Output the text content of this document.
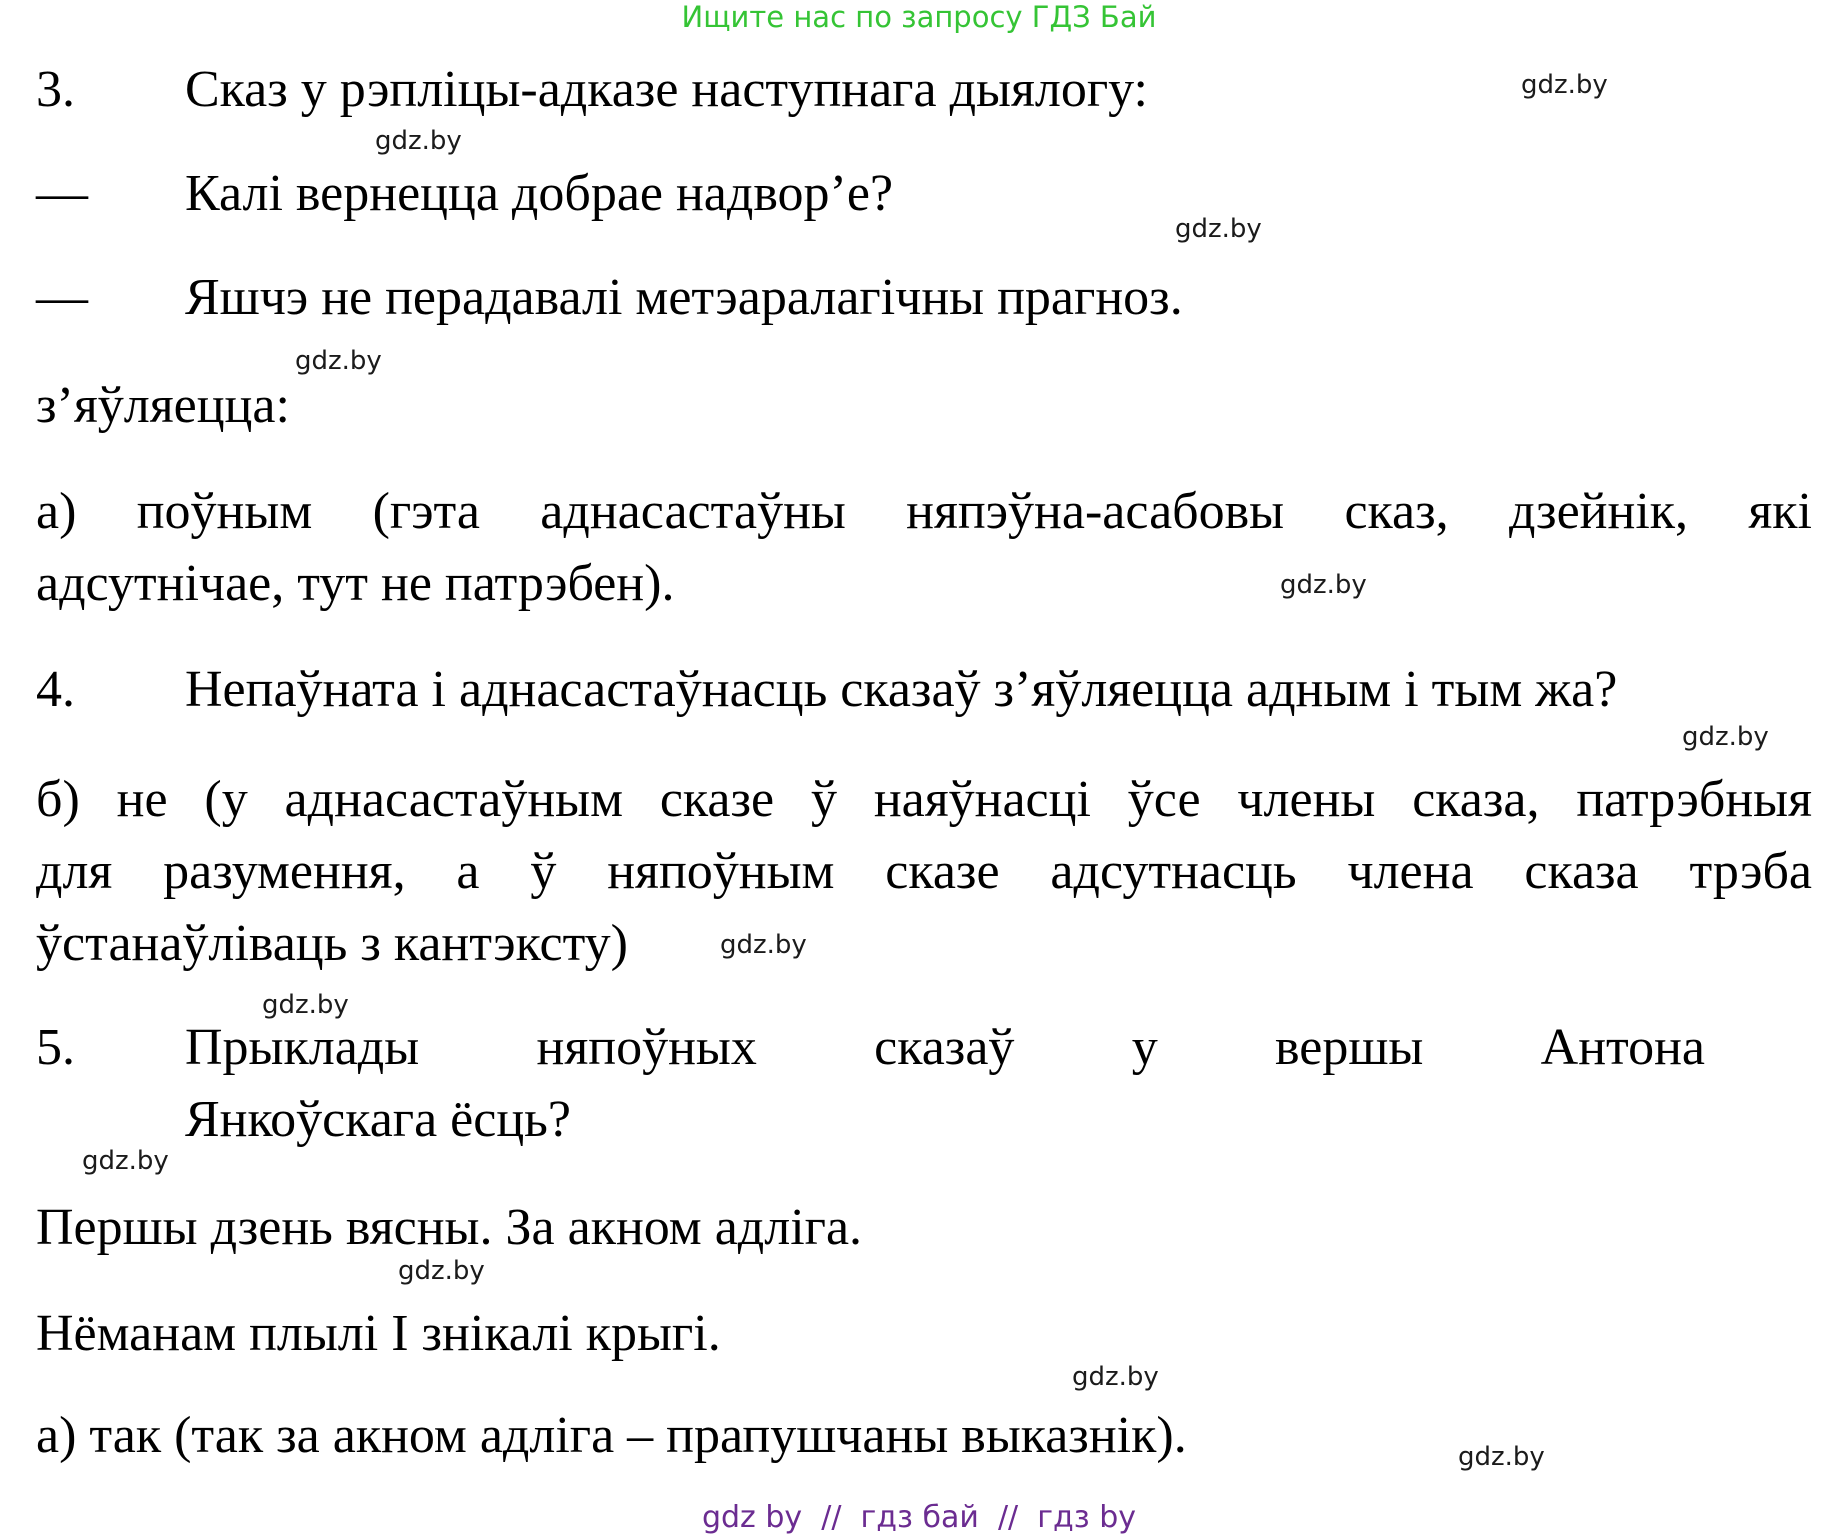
Ищите нас по запросу ГДЗ Бай
3. Сказ у рэпліцы-адказе наступнага дыялогу:	gdz.by
gdz.by
— Калі вернецца добрае надвор’е?
gdz.by
— Яшчэ не перадавалі метэаралагічны прагноз.
gdz.by
з’яўляецца:
а) поўным (гэта аднасастаўны няпэўна-асабовы сказ, дзейнік, які
адсутнічае, тут не патрэбен).	gdz.by
4. Непаўната і аднасастаўнасць сказаў з’яўляецца адным і тым жа?
gdz.by
б) не (у аднасастаўным сказе ў наяўнасці ўсе члены сказа, патрэбныя
для разумення, а ў няпоўным сказе адсутнасць члена сказа трэба
ўстанаўліваць з кантэксту)	gdz.by
gdz.by
5. Прыклады няпоўных сказаў у вершы Антона
Янкоўскага ёсць?
gdz.by
Першы дзень вясны. За акном адліга.
gdz.by
Нёманам плылі І знікалі крыгі.
gdz.by
а) так (так за акном адліга – прапушчаны выказнік).	gdz.by
gdz by  //  гдз бай  //  гдз by
